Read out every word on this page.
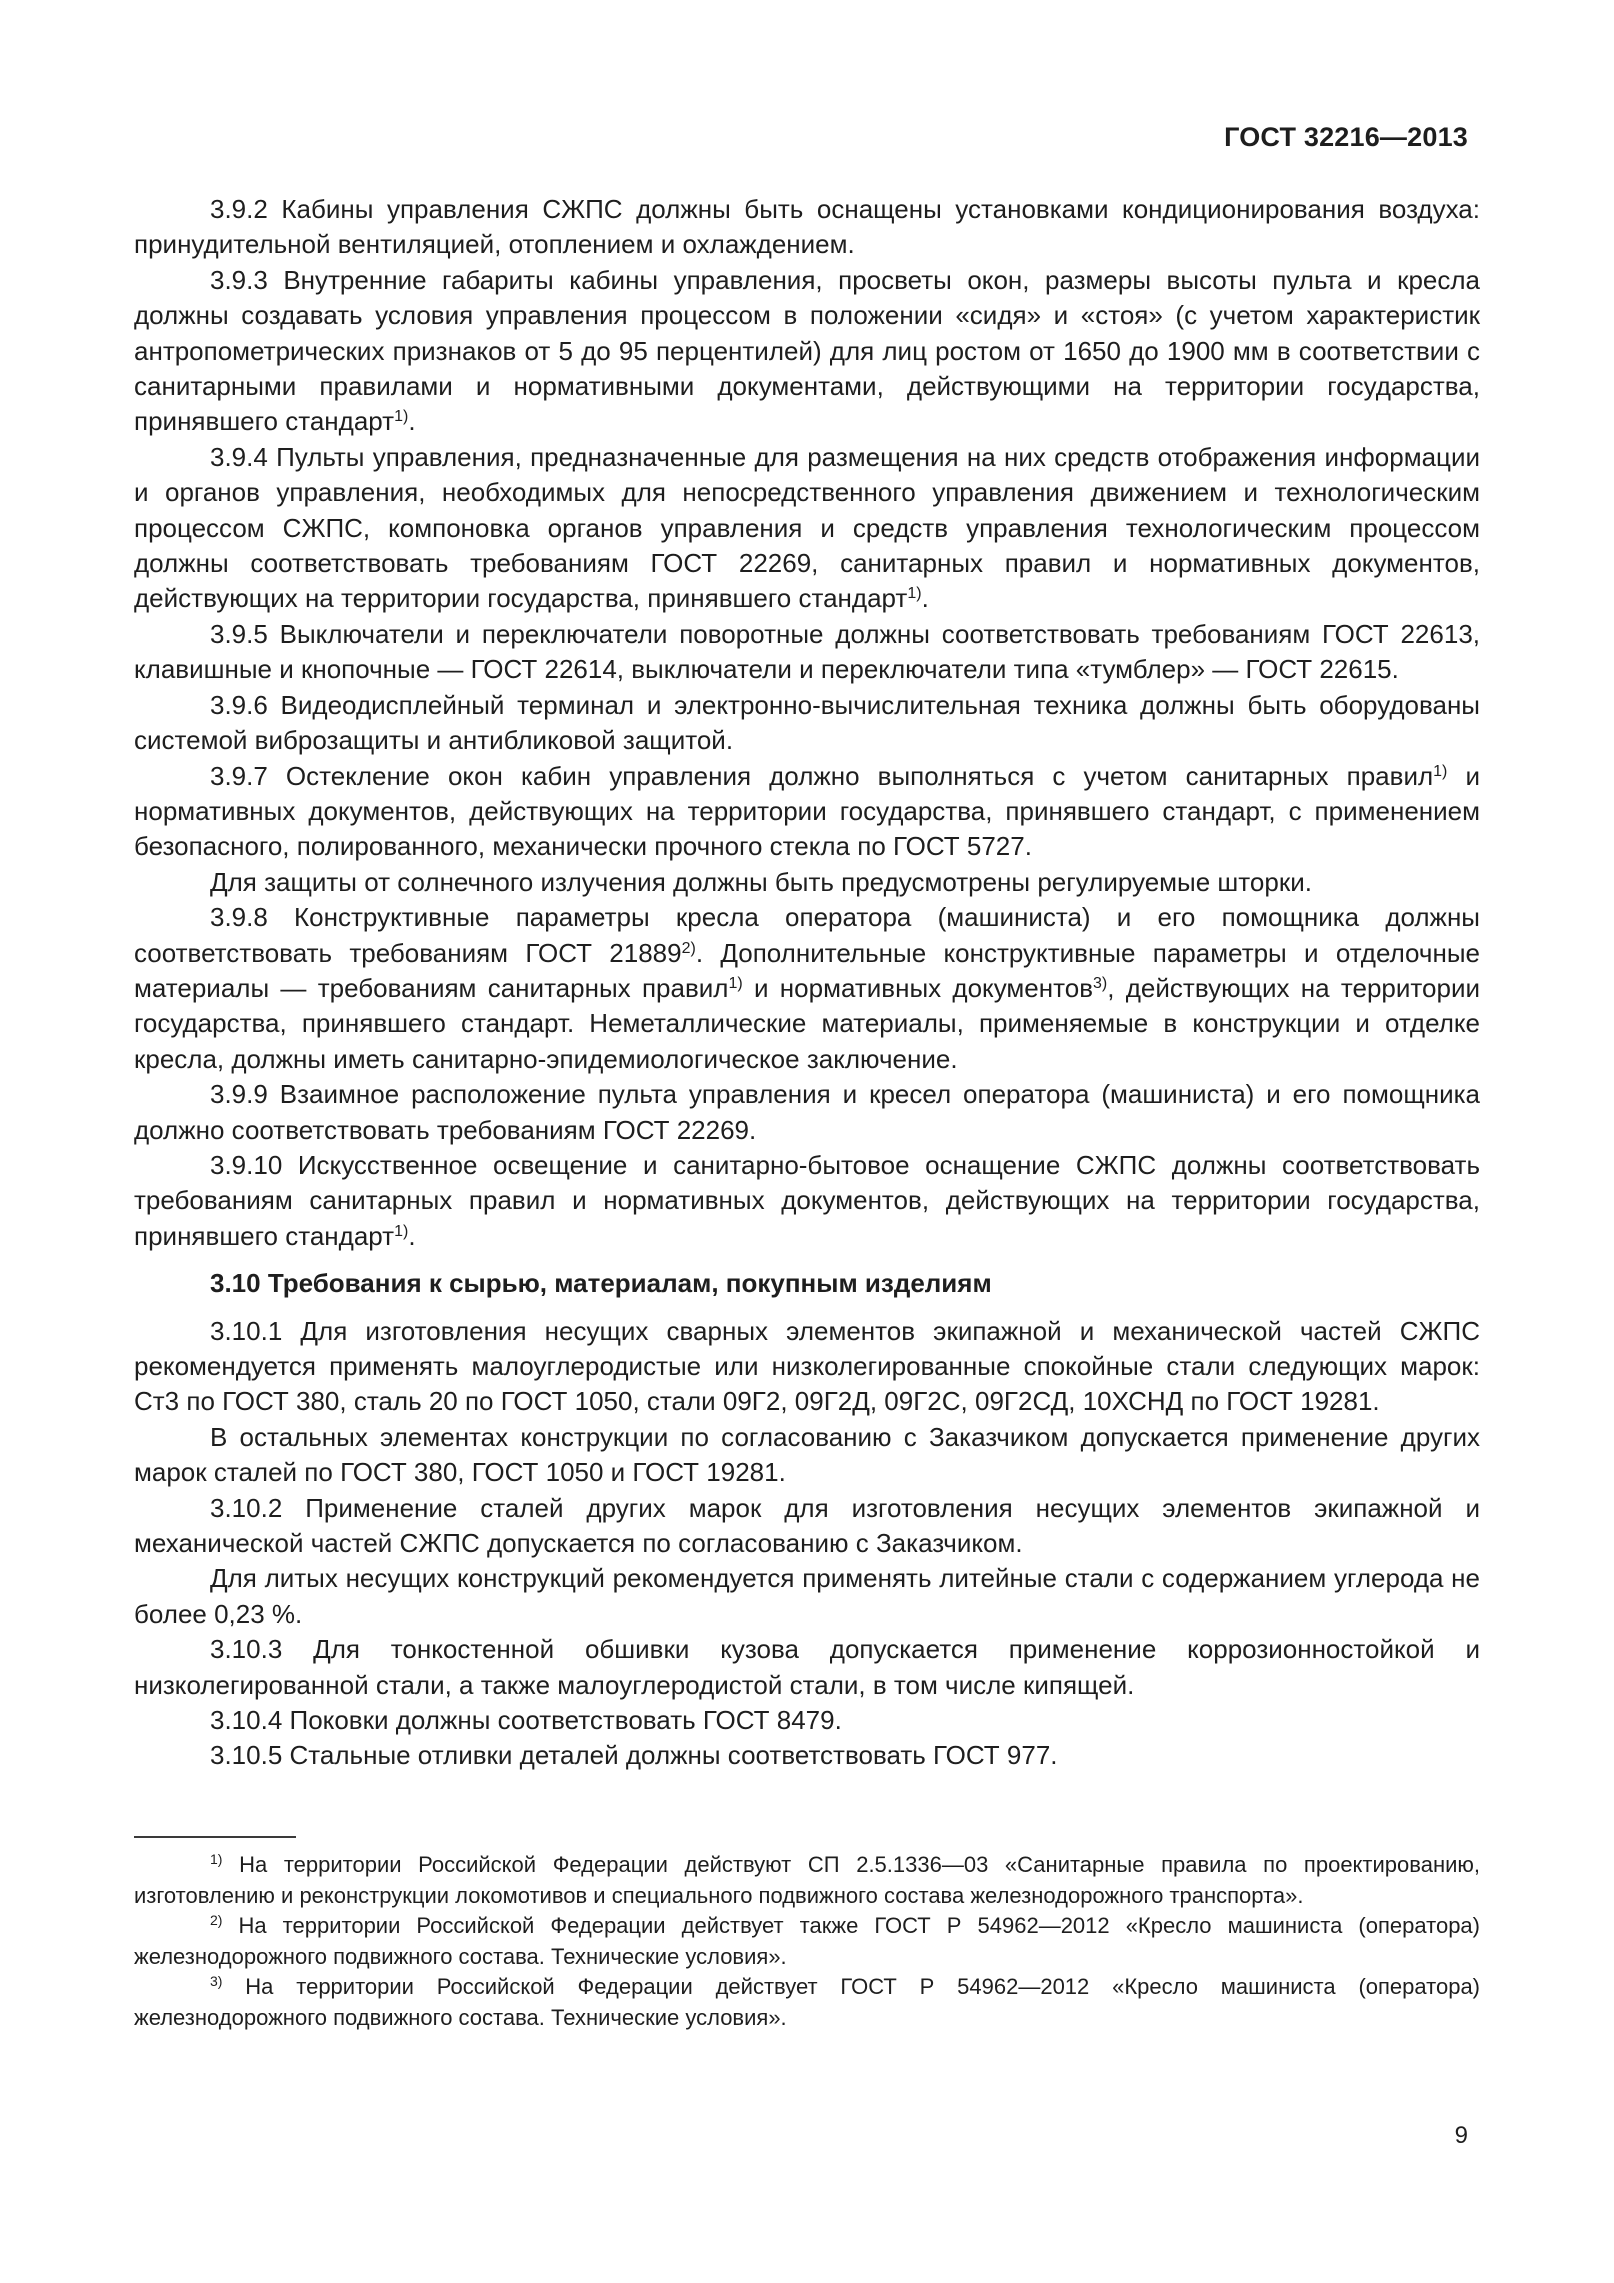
ГОСТ 32216—2013

3.9.2 Кабины управления СЖПС должны быть оснащены установками кондиционирования воздуха: принудительной вентиляцией, отоплением и охлаждением.

3.9.3 Внутренние габариты кабины управления, просветы окон, размеры высоты пульта и кресла должны создавать условия управления процессом в положении «сидя» и «стоя» (с учетом характеристик антропометрических признаков от 5 до 95 перцентилей) для лиц ростом от 1650 до 1900 мм в соответствии с санитарными правилами и нормативными документами, действующими на территории государства, принявшего стандарт$^{1)}$.

3.9.4 Пульты управления, предназначенные для размещения на них средств отображения информации и органов управления, необходимых для непосредственного управления движением и технологическим процессом СЖПС, компоновка органов управления и средств управления технологическим процессом должны соответствовать требованиям ГОСТ 22269, санитарных правил и нормативных документов, действующих на территории государства, принявшего стандарт$^{1)}$.

3.9.5 Выключатели и переключатели поворотные должны соответствовать требованиям ГОСТ 22613, клавишные и кнопочные — ГОСТ 22614, выключатели и переключатели типа «тумблер» — ГОСТ 22615.

3.9.6 Видеодисплейный терминал и электронно-вычислительная техника должны быть оборудованы системой виброзащиты и антибликовой защитой.

3.9.7 Остекление окон кабин управления должно выполняться с учетом санитарных правил$^{1)}$ и нормативных документов, действующих на территории государства, принявшего стандарт, с применением безопасного, полированного, механически прочного стекла по ГОСТ 5727.

Для защиты от солнечного излучения должны быть предусмотрены регулируемые шторки.

3.9.8 Конструктивные параметры кресла оператора (машиниста) и его помощника должны соответствовать требованиям ГОСТ 21889$^{2)}$. Дополнительные конструктивные параметры и отделочные материалы — требованиям санитарных правил$^{1)}$ и нормативных документов$^{3)}$, действующих на территории государства, принявшего стандарт. Неметаллические материалы, применяемые в конструкции и отделке кресла, должны иметь санитарно-эпидемиологическое заключение.

3.9.9 Взаимное расположение пульта управления и кресел оператора (машиниста) и его помощника должно соответствовать требованиям ГОСТ 22269.

3.9.10 Искусственное освещение и санитарно-бытовое оснащение СЖПС должны соответствовать требованиям санитарных правил и нормативных документов, действующих на территории государства, принявшего стандарт$^{1)}$.

3.10 Требования к сырью, материалам, покупным изделиям

3.10.1 Для изготовления несущих сварных элементов экипажной и механической частей СЖПС рекомендуется применять малоуглеродистые или низколегированные спокойные стали следующих марок: Ст3 по ГОСТ 380, сталь 20 по ГОСТ 1050, стали 09Г2, 09Г2Д, 09Г2С, 09Г2СД, 10ХСНД по ГОСТ 19281.

В остальных элементах конструкции по согласованию с Заказчиком допускается применение других марок сталей по ГОСТ 380, ГОСТ 1050 и ГОСТ 19281.

3.10.2 Применение сталей других марок для изготовления несущих элементов экипажной и механической частей СЖПС допускается по согласованию с Заказчиком.

Для литых несущих конструкций рекомендуется применять литейные стали с содержанием углерода не более 0,23 %.

3.10.3 Для тонкостенной обшивки кузова допускается применение коррозионностойкой и низколегированной стали, а также малоуглеродистой стали, в том числе кипящей.

3.10.4 Поковки должны соответствовать ГОСТ 8479.

3.10.5 Стальные отливки деталей должны соответствовать ГОСТ 977.

$^{1)}$ На территории Российской Федерации действуют СП 2.5.1336—03 «Санитарные правила по проектированию, изготовлению и реконструкции локомотивов и специального подвижного состава железнодорожного транспорта».

$^{2)}$ На территории Российской Федерации действует также ГОСТ Р 54962—2012 «Кресло машиниста (оператора) железнодорожного подвижного состава. Технические условия».

$^{3)}$ На территории Российской Федерации действует ГОСТ Р 54962—2012 «Кресло машиниста (оператора) железнодорожного подвижного состава. Технические условия».

9
